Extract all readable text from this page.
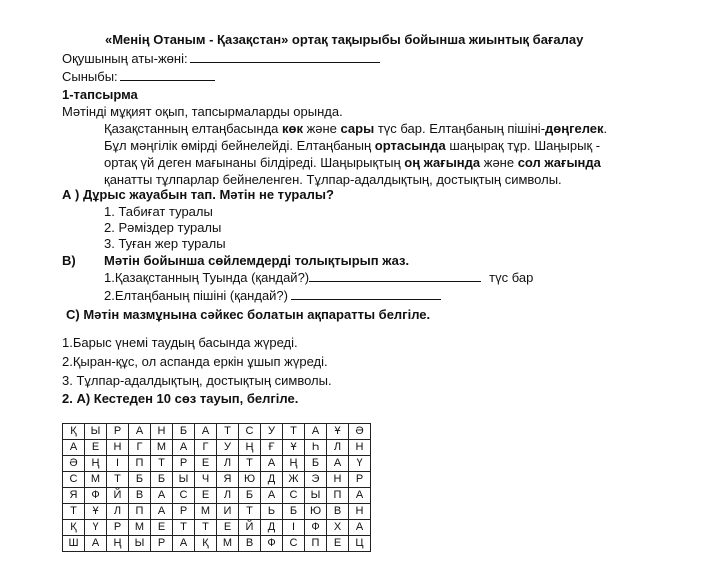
«Менің Отаным - Қазақстан» ортақ тақырыбы бойынша жиынтық бағалау
Оқушының аты-жөні:
Сыныбы:
1-тапсырма
Мәтінді мұқият оқып, тапсырмаларды орында.
Қазақстанның елтаңбасында көк және сары түс бар. Елтаңбаның пішіні-дөңгелек.
Бұл мәңгілік өмірді бейнелейді. Елтаңбаның ортасында шаңырақ тұр. Шаңырық -
ортақ үй деген мағынаны білдіреді. Шаңырықтың оң жағында және сол жағында
қанатты тұлпарлар бейнеленген. Тұлпар-адалдықтың, достықтың символы.
А ) Дұрыс жауабын тап. Мәтін не туралы?
1. Табиғат туралы
2. Рәміздер туралы
3. Туған жер туралы
В) Мәтін бойынша сөйлемдерді толықтырып жаз.
1.Қазақстанның Туында (қандай?)	түс бар
2.Елтаңбаның пішіні (қандай?)
С) Мәтін мазмұнына сәйкес болатын ақпаратты белгіле.
1.Барыс үнемі таудың басында жүреді.
2.Қыран-құс, ол аспанда еркін ұшып жүреді.
3. Тұлпар-адалдықтың, достықтың символы.
2. А) Кестеден 10 сөз тауып, белгіле.
Қ	Ы	Р	А	Н	Б	А	Т	С	У	Т	А	Ұ	Ә
А	Е	Н	Г	М	А	Г	У	Ң	Ғ	Ұ	Һ	Л	Н
Ә	Ң	І	П	Т	Р	Е	Л	Т	А	Ң	Б	А	Ү
С	М	Т	Б	Б	Ы	Ч	Я	Ю	Д	Ж	Э	Н	Р
Я	Ф	Й	В	А	С	Е	Л	Б	А	С	Ы	П	А
Т	Ұ	Л	П	А	Р	М	И	Т	Ь	Б	Ю	В	Н
Қ	Ү	Р	М	Е	Т	Т	Е	Й	Д	І	Ф	Х	А
Ш	А	Ң	Ы	Р	А	Қ	М	В	Ф	С	П	Е	Ц
